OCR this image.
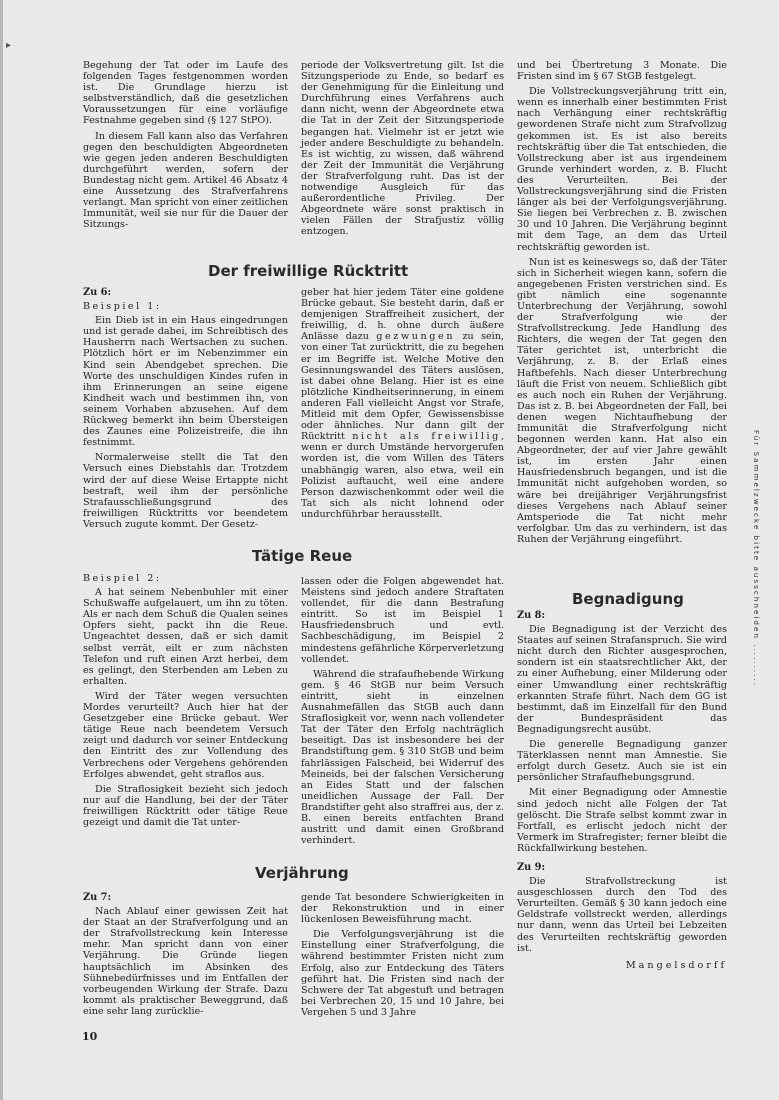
▸

Begehung der Tat oder im Laufe des folgenden Tages festgenommen worden ist. Die Grundlage hierzu ist selbstverständlich, daß die gesetzlichen Voraussetzungen für eine vorläufige Festnahme gegeben sind (§ 127 StPO).

In diesem Fall kann also das Verfahren gegen den beschuldigten Abgeordneten wie gegen jeden anderen Beschuldigten durchgeführt werden, sofern der Bundestag nicht gem. Artikel 46 Absatz 4 eine Aussetzung des Strafverfahrens verlangt. Man spricht von einer zeitlichen Immunität, weil sie nur für die Dauer der Sitzungs-

periode der Volksvertretung gilt. Ist die Sitzungsperiode zu Ende, so bedarf es der Genehmigung für die Einleitung und Durchführung eines Verfahrens auch dann nicht, wenn der Abgeordnete etwa die Tat in der Zeit der Sitzungsperiode begangen hat. Vielmehr ist er jetzt wie jeder andere Beschuldigte zu behandeln. Es ist wichtig, zu wissen, daß während der Zeit der Immunität die Verjährung der Strafverfolgung ruht. Das ist der notwendige Ausgleich für das außerordentliche Privileg. Der Abgeordnete wäre sonst praktisch in vielen Fällen der Strafjustiz völlig entzogen.

und bei Übertretung 3 Monate. Die Fristen sind im § 67 StGB festgelegt.

Die Vollstreckungsverjährung tritt ein, wenn es innerhalb einer bestimmten Frist nach Verhängung einer rechtskräftig gewordenen Strafe nicht zum Strafvollzug gekommen ist. Es ist also bereits rechtskräftig über die Tat entschieden, die Vollstreckung aber ist aus irgendeinem Grunde verhindert worden, z. B. Flucht des Verurteilten. Bei der Vollstreckungsverjährung sind die Fristen länger als bei der Verfolgungsverjährung. Sie liegen bei Verbrechen z. B. zwischen 30 und 10 Jahren. Die Verjährung beginnt mit dem Tage, an dem das Urteil rechtskräftig geworden ist.

Nun ist es keineswegs so, daß der Täter sich in Sicherheit wiegen kann, sofern die angegebenen Fristen verstrichen sind. Es gibt nämlich eine sogenannte Unterbrechung der Verjährung, sowohl der Strafverfolgung wie der Strafvollstreckung. Jede Handlung des Richters, die wegen der Tat gegen den Täter gerichtet ist, unterbricht die Verjährung, z. B. der Erlaß eines Haftbefehls. Nach dieser Unterbrechung läuft die Frist von neuem. Schließlich gibt es auch noch ein Ruhen der Verjährung. Das ist z. B. bei Abgeordneten der Fall, bei denen wegen Nichtaufhebung der Immunität die Strafverfolgung nicht begonnen werden kann. Hat also ein Abgeordneter, der auf vier Jahre gewählt ist, im ersten Jahr einen Hausfriedensbruch begangen, und ist die Immunität nicht aufgehoben worden, so wäre bei dreijähriger Verjährungsfrist dieses Vergehens nach Ablauf seiner Amtsperiode die Tat nicht mehr verfolgbar. Um das zu verhindern, ist das Ruhen der Verjährung eingeführt.

Der freiwillige Rücktritt
Zu 6:
Beispiel 1:

Ein Dieb ist in ein Haus eingedrungen und ist gerade dabei, im Schreibtisch des Hausherrn nach Wertsachen zu suchen. Plötzlich hört er im Nebenzimmer ein Kind sein Abendgebet sprechen. Die Worte des unschuldigen Kindes rufen in ihm Erinnerungen an seine eigene Kindheit wach und bestimmen ihn, von seinem Vorhaben abzusehen. Auf dem Rückweg bemerkt ihn beim Übersteigen des Zaunes eine Polizeistreife, die ihn festnimmt.

Normalerweise stellt die Tat den Versuch eines Diebstahls dar. Trotzdem wird der auf diese Weise Ertappte nicht bestraft, weil ihm der persönliche Strafausschließungsgrund des freiwilligen Rücktritts vor beendetem Versuch zugute kommt. Der Gesetz-

geber hat hier jedem Täter eine goldene Brücke gebaut. Sie besteht darin, daß er demjenigen Straffreiheit zusichert, der freiwillig, d. h. ohne durch äußere Anlässe dazu gezwungen zu sein, von einer Tat zurücktritt, die zu begehen er im Begriffe ist. Welche Motive den Gesinnungswandel des Täters auslösen, ist dabei ohne Belang. Hier ist es eine plötzliche Kindheitserinnerung, in einem anderen Fall vielleicht Angst vor Strafe, Mitleid mit dem Opfer, Gewissensbisse oder ähnliches. Nur dann gilt der Rücktritt nicht als freiwillig, wenn er durch Umstände hervorgerufen worden ist, die vom Willen des Täters unabhängig waren, also etwa, weil ein Polizist auftaucht, weil eine andere Person dazwischenkommt oder weil die Tat sich als nicht lohnend oder undurchführbar herausstellt.

Tätige Reue
Beispiel 2:

A hat seinem Nebenbuhler mit einer Schußwaffe aufgelauert, um ihn zu töten. Als er nach dem Schuß die Qualen seines Opfers sieht, packt ihn die Reue. Ungeachtet dessen, daß er sich damit selbst verrät, eilt er zum nächsten Telefon und ruft einen Arzt herbei, dem es gelingt, den Sterbenden am Leben zu erhalten.

Wird der Täter wegen versuchten Mordes verurteilt? Auch hier hat der Gesetzgeber eine Brücke gebaut. Wer tätige Reue nach beendetem Versuch zeigt und dadurch vor seiner Entdeckung den Eintritt des zur Vollendung des Verbrechens oder Vergehens gehörenden Erfolges abwendet, geht straflos aus.

Die Straflosigkeit bezieht sich jedoch nur auf die Handlung, bei der der Täter freiwilligen Rücktritt oder tätige Reue gezeigt und damit die Tat unter-

lassen oder die Folgen abgewendet hat. Meistens sind jedoch andere Straftaten vollendet, für die dann Bestrafung eintritt. So ist im Beispiel 1 Hausfriedensbruch und evtl. Sachbeschädigung, im Beispiel 2 mindestens gefährliche Körperverletzung vollendet.

Während die strafaufhebende Wirkung gem. § 46 StGB nur beim Versuch eintritt, sieht in einzelnen Ausnahmefällen das StGB auch dann Straflosigkeit vor, wenn nach vollendeter Tat der Täter den Erfolg nachträglich beseitigt. Das ist insbesondere bei der Brandstiftung gem. § 310 StGB und beim fahrlässigen Falscheid, bei Widerruf des Meineids, bei der falschen Versicherung an Eides Statt und der falschen uneidlichen Aussage der Fall. Der Brandstifter geht also straffrei aus, der z. B. einen bereits entfachten Brand austritt und damit einen Großbrand verhindert.

Begnadigung
Zu 8:

Die Begnadigung ist der Verzicht des Staates auf seinen Strafanspruch. Sie wird nicht durch den Richter ausgesprochen, sondern ist ein staatsrechtlicher Akt, der zu einer Aufhebung, einer Milderung oder einer Umwandlung einer rechtskräftig erkannten Strafe führt. Nach dem GG ist bestimmt, daß im Einzelfall für den Bund der Bundespräsident das Begnadigungsrecht ausübt.

Die generelle Begnadigung ganzer Täterklassen nennt man Amnestie. Sie erfolgt durch Gesetz. Auch sie ist ein persönlicher Strafaufhebungsgrund.

Mit einer Begnadigung oder Amnestie sind jedoch nicht alle Folgen der Tat gelöscht. Die Strafe selbst kommt zwar in Fortfall, es erlischt jedoch nicht der Vermerk im Strafregister; ferner bleibt die Rückfallwirkung bestehen.

Zu 9:

Die Strafvollstreckung ist ausgeschlossen durch den Tod des Verurteilten. Gemäß § 30 kann jedoch eine Geldstrafe vollstreckt werden, allerdings nur dann, wenn das Urteil bei Lebzeiten des Verurteilten rechtskräftig geworden ist.

Mangelsdorff
Verjährung
Zu 7:

Nach Ablauf einer gewissen Zeit hat der Staat an der Strafverfolgung und an der Strafvollstreckung kein Interesse mehr. Man spricht dann von einer Verjährung. Die Gründe liegen hauptsächlich im Absinken des Sühnebedürfnisses und im Entfallen der vorbeugenden Wirkung der Strafe. Dazu kommt als praktischer Beweggrund, daß eine sehr lang zurücklie-

gende Tat besondere Schwierigkeiten in der Rekonstruktion und in einer lückenlosen Beweisführung macht.

Die Verfolgungsverjährung ist die Einstellung einer Strafverfolgung, die während bestimmter Fristen nicht zum Erfolg, also zur Entdeckung des Täters geführt hat. Die Fristen sind nach der Schwere der Tat abgestuft und betragen bei Verbrechen 20, 15 und 10 Jahre, bei Vergehen 5 und 3 Jahre

10
Für Sammelzwecke bitte ausschneiden ..........
